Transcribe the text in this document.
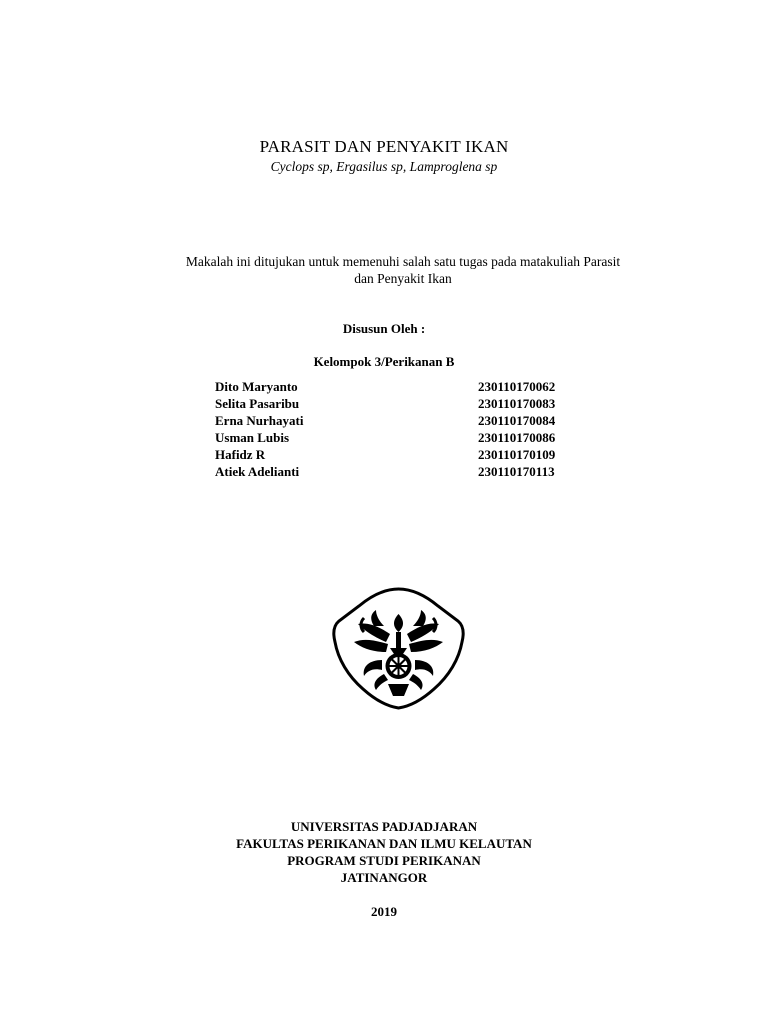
PARASIT DAN PENYAKIT IKAN
Cyclops sp, Ergasilus sp, Lamproglena sp
Makalah ini ditujukan untuk memenuhi salah satu tugas pada matakuliah Parasit
dan Penyakit Ikan
Disusun Oleh :
Kelompok 3/Perikanan B
Dito Maryanto	230110170062
Selita Pasaribu	230110170083
Erna Nurhayati	230110170084
Usman Lubis	230110170086
Hafidz R	230110170109
Atiek Adelianti	230110170113
UNIVERSITAS PADJADJARAN
FAKULTAS PERIKANAN DAN ILMU KELAUTAN
PROGRAM STUDI PERIKANAN
JATINANGOR
2019
